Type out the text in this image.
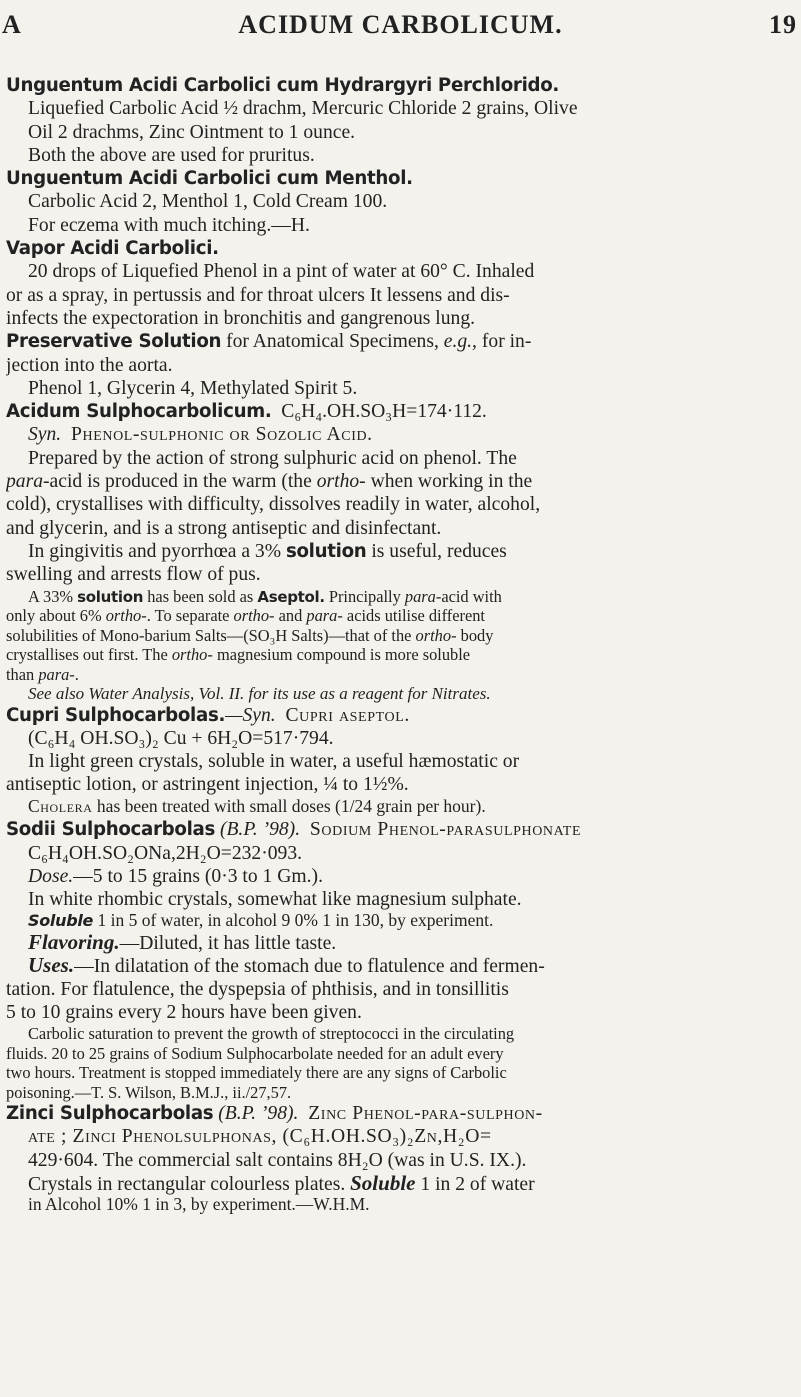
A	ACIDUM CARBOLICUM.	19
Unguentum Acidi Carbolici cum Hydrargyri Perchlorido.
Liquefied Carbolic Acid ½ drachm, Mercuric Chloride 2 grains, Olive
Oil 2 drachms, Zinc Ointment to 1 ounce.
Both the above are used for pruritus.
Unguentum Acidi Carbolici cum Menthol.
Carbolic Acid 2, Menthol 1, Cold Cream 100.
For eczema with much itching.—H.
Vapor Acidi Carbolici.
20 drops of Liquefied Phenol in a pint of water at 60° C. Inhaled
or as a spray, in pertussis and for throat ulcers It lessens and dis-
infects the expectoration in bronchitis and gangrenous lung.
Preservative Solution for Anatomical Specimens, e.g., for in-
jection into the aorta.
Phenol 1, Glycerin 4, Methylated Spirit 5.
Acidum Sulphocarbolicum. C₆H₄.OH.SO₃H=174·112.
Syn. Phenol-sulphonic or Sozolic Acid.
Prepared by the action of strong sulphuric acid on phenol. The
para-acid is produced in the warm (the ortho- when working in the
cold), crystallises with difficulty, dissolves readily in water, alcohol,
and glycerin, and is a strong antiseptic and disinfectant.
In gingivitis and pyorrhœa a 3% solution is useful, reduces
swelling and arrests flow of pus.
A 33% solution has been sold as Aseptol. Principally para-acid with
only about 6% ortho-. To separate ortho- and para- acids utilise different
solubilities of Mono-barium Salts—(SO₃H Salts)—that of the ortho- body
crystallises out first. The ortho- magnesium compound is more soluble
than para-.
See also Water Analysis, Vol. II. for its use as a reagent for Nitrates.
Cupri Sulphocarbolas.—Syn. Cupri aseptol.
(C₆H₄ OH.SO₃)₂ Cu + 6H₂O=517·794.
In light green crystals, soluble in water, a useful hæmostatic or
antiseptic lotion, or astringent injection, ¼ to 1½%.
Cholera has been treated with small doses (1/24 grain per hour).
Sodii Sulphocarbolas (B.P. ’98). Sodium Phenol-parasulphonate
C₆H₄OH.SO₂ONa,2H₂O=232·093.
Dose.—5 to 15 grains (0·3 to 1 Gm.).
In white rhombic crystals, somewhat like magnesium sulphate.
Soluble 1 in 5 of water, in alcohol 9 0% 1 in 130, by experiment.
Flavoring.—Diluted, it has little taste.
Uses.—In dilatation of the stomach due to flatulence and fermen-
tation. For flatulence, the dyspepsia of phthisis, and in tonsillitis
5 to 10 grains every 2 hours have been given.
Carbolic saturation to prevent the growth of streptococci in the circulating
fluids. 20 to 25 grains of Sodium Sulphocarbolate needed for an adult every
two hours. Treatment is stopped immediately there are any signs of Carbolic
poisoning.—T. S. Wilson, B.M.J., ii./27,57.
Zinci Sulphocarbolas (B.P. ’98). Zinc Phenol-para-sulphon-
ate ; Zinci Phenolsulphonas, (C₆H.OH.SO₃)₂Zn,H₂O=
429·604. The commercial salt contains 8H₂O (was in U.S. IX.).
Crystals in rectangular colourless plates. Soluble 1 in 2 of water
in Alcohol 10% 1 in 3, by experiment.—W.H.M.
